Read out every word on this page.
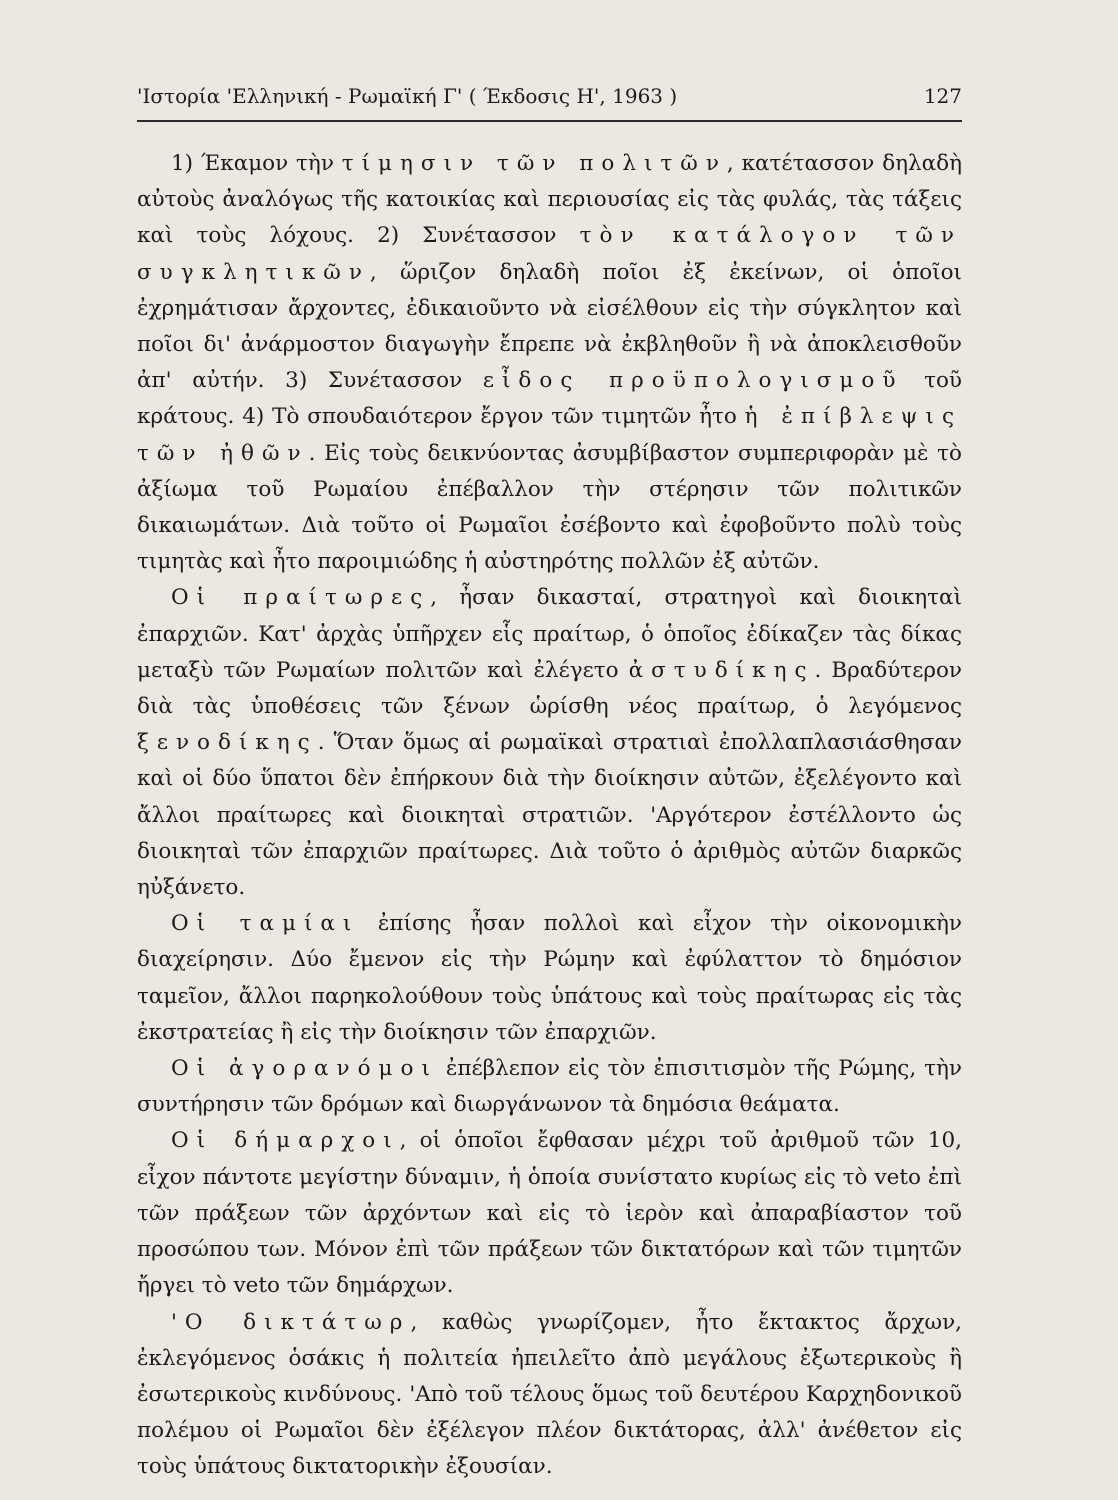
'Ιστορία 'Ελληνική - Ρωμαϊκή Γ' ( Έκδοσις Η', 1963 )	127

1) Έκαμον τὴν τίμησιν τῶν πολιτῶν, κατέτασσον δηλαδὴ αὐτοὺς ἀναλόγως τῆς κατοικίας καὶ περιουσίας εἰς τὰς φυλάς, τὰς τάξεις καὶ τοὺς λόχους. 2) Συνέτασσον τὸν κατάλογον τῶν συγκλητικῶν, ὥριζον δηλαδὴ ποῖοι ἐξ ἐκείνων, οἱ ὁποῖοι ἐχρημάτισαν ἄρχοντες, ἐδικαιοῦντο νὰ εἰσέλθουν εἰς τὴν σύγκλητον καὶ ποῖοι δι' ἀνάρμοστον διαγωγὴν ἔπρεπε νὰ ἐκβληθοῦν ἢ νὰ ἀποκλεισθοῦν ἀπ' αὐτήν. 3) Συνέτασσον εἶδος προϋπολογισμοῦ τοῦ κράτους. 4) Τὸ σπουδαιότερον ἔργον τῶν τιμητῶν ἦτο ἡ ἐπίβλεψις τῶν ἠθῶν. Εἰς τοὺς δεικνύοντας ἀσυμβίβαστον συμπεριφορὰν μὲ τὸ ἀξίωμα τοῦ Ρωμαίου ἐπέβαλλον τὴν στέρησιν τῶν πολιτικῶν δικαιωμάτων. Διὰ τοῦτο οἱ Ρωμαῖοι ἐσέβοντο καὶ ἐφοβοῦντο πολὺ τοὺς τιμητὰς καὶ ἦτο παροιμιώδης ἡ αὐστηρότης πολλῶν ἐξ αὐτῶν.

Οἱ πραίτωρες, ἦσαν δικασταί, στρατηγοὶ καὶ διοικηταὶ ἐπαρχιῶν. Κατ' ἀρχὰς ὑπῆρχεν εἷς πραίτωρ, ὁ ὁποῖος ἐδίκαζεν τὰς δίκας μεταξὺ τῶν Ρωμαίων πολιτῶν καὶ ἐλέγετο ἀστυδίκης. Βραδύτερον διὰ τὰς ὑποθέσεις τῶν ξένων ὡρίσθη νέος πραίτωρ, ὁ λεγόμενος ξενοδίκης. Ὅταν ὅμως αἱ ρωμαϊκαὶ στρατιαὶ ἐπολλαπλασιάσθησαν καὶ οἱ δύο ὕπατοι δὲν ἐπήρκουν διὰ τὴν διοίκησιν αὐτῶν, ἐξελέγοντο καὶ ἄλλοι πραίτωρες καὶ διοικηταὶ στρατιῶν. 'Αργότερον ἐστέλλοντο ὡς διοικηταὶ τῶν ἐπαρχιῶν πραίτωρες. Διὰ τοῦτο ὁ ἀριθμὸς αὐτῶν διαρκῶς ηὐξάνετο.

Οἱ ταμίαι ἐπίσης ἦσαν πολλοὶ καὶ εἶχον τὴν οἰκονομικὴν διαχείρησιν. Δύο ἔμενον εἰς τὴν Ρώμην καὶ ἐφύλαττον τὸ δημόσιον ταμεῖον, ἄλλοι παρηκολούθουν τοὺς ὑπάτους καὶ τοὺς πραίτωρας εἰς τὰς ἐκστρατείας ἢ εἰς τὴν διοίκησιν τῶν ἐπαρχιῶν.

Οἱ ἀγορανόμοι ἐπέβλεπον εἰς τὸν ἐπισιτισμὸν τῆς Ρώμης, τὴν συντήρησιν τῶν δρόμων καὶ διωργάνωνον τὰ δημόσια θεάματα.

Οἱ δήμαρχοι, οἱ ὁποῖοι ἔφθασαν μέχρι τοῦ ἀριθμοῦ τῶν 10, εἶχον πάντοτε μεγίστην δύναμιν, ἡ ὁποία συνίστατο κυρίως εἰς τὸ veto ἐπὶ τῶν πράξεων τῶν ἀρχόντων καὶ εἰς τὸ ἱερὸν καὶ ἀπαραβίαστον τοῦ προσώπου των. Μόνον ἐπὶ τῶν πράξεων τῶν δικτατόρων καὶ τῶν τιμητῶν ἤργει τὸ veto τῶν δημάρχων.

'Ο δικτάτωρ, καθὼς γνωρίζομεν, ἦτο ἔκτακτος ἄρχων, ἐκλεγόμενος ὁσάκις ἡ πολιτεία ἠπειλεῖτο ἀπὸ μεγάλους ἐξωτερικοὺς ἢ ἐσωτερικοὺς κινδύνους. 'Απὸ τοῦ τέλους ὅμως τοῦ δευτέρου Καρχηδονικοῦ πολέμου οἱ Ρωμαῖοι δὲν ἐξέλεγον πλέον δικτάτορας, ἀλλ' ἀνέθετον εἰς τοὺς ὑπάτους δικτατορικὴν ἐξουσίαν.
